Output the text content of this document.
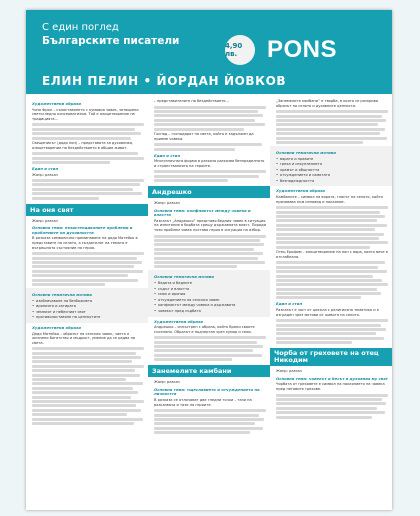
С един поглед
Българските писатели	4,90 лв.	PONS
ЕЛИН ПЕЛИН • ЙОРДАН ЙОВКОВ
Художествени образи
Чичо Фрол – съпоставянето с кумовия човек, затворено светогледно консерватизъм. Той е олицетворение на традицията...
Свещеникът (дядо поп) – представата за духовника, олицетворение на бездействието в общия живот.
Един и стил
Жанр: разказ
На оня свят
Жанр: разказ
Основна тема: екзистенциалните проблеми и проблемите на духовността
В разказа символично преминаване на дядо Матейко в представите на селото, а създателят на темата е вътрешното състояние на героя.
Основни тематични мотиви
• изобличаване на безбожието
• иронията и сатирата
• земният и небесният свят
• противопоставяне на ценностите
Художествени образи
Дядо Матейко – образът на селския човек, чието е жизнено богатство и мъдрост, умение да се радва на света.
– представителите на бездействието...
Господ – господарят на света, който е задължен да приеме човека.
Един и стил
Многозначната форма в разказа разказва безпределното и странстванията на героите.
Андрешко
Жанр: разказ
Основна тема: конфликтът между човека и властта
Разказът „Андрешко” представя бедния човек в ситуация на изпитание в борбата срещу държавната власт. Поради този проблем човек поставя героя в ситуация на избор.
Основни тематични мотиви
• бедата и бедните
• съдът и властта
• смях и ирония
• отчуждението на селския човек
• конфликтът между човека и държавата
• човекът пред съдбата
Художествени образи
Андрешко – изпъстрен с образа, който брани своите съселяни. Образът е подчертан чрез хумор и смях.
Занемелите камбани
Жанр: разказ
Основна тема: тщеславието и отчуждението на личността
В разказа се отличават две гледни точки – тази на разказвача и тази на героите.
„Занемелите камбани” е творба, в която се разкрива образът на селото и духовните ценности.
Основни тематични мотиви
• вярата и нравите
• греха и изкуплението
• храмът и общността
• отчуждението и самотата
• безнадеждността
Художествени образи
Камбаните – символ на вярата, гласът на селото, който призовава към изповед и покаяние.
Отец Ерофим – олицетворение на поп с вяра, която вече е отслабнала.
Един и стил
Разказът е част от цикъла с религиозна тематика и е изграден чрез мотиви от живота на селото.
Чорба от греховете на отец Никодим
Жанр: разказ
Основна тема: човекът и бесът в духовния му свят
Чорбата от греховете е символ на покаянието на човека пред неговите грехове.
